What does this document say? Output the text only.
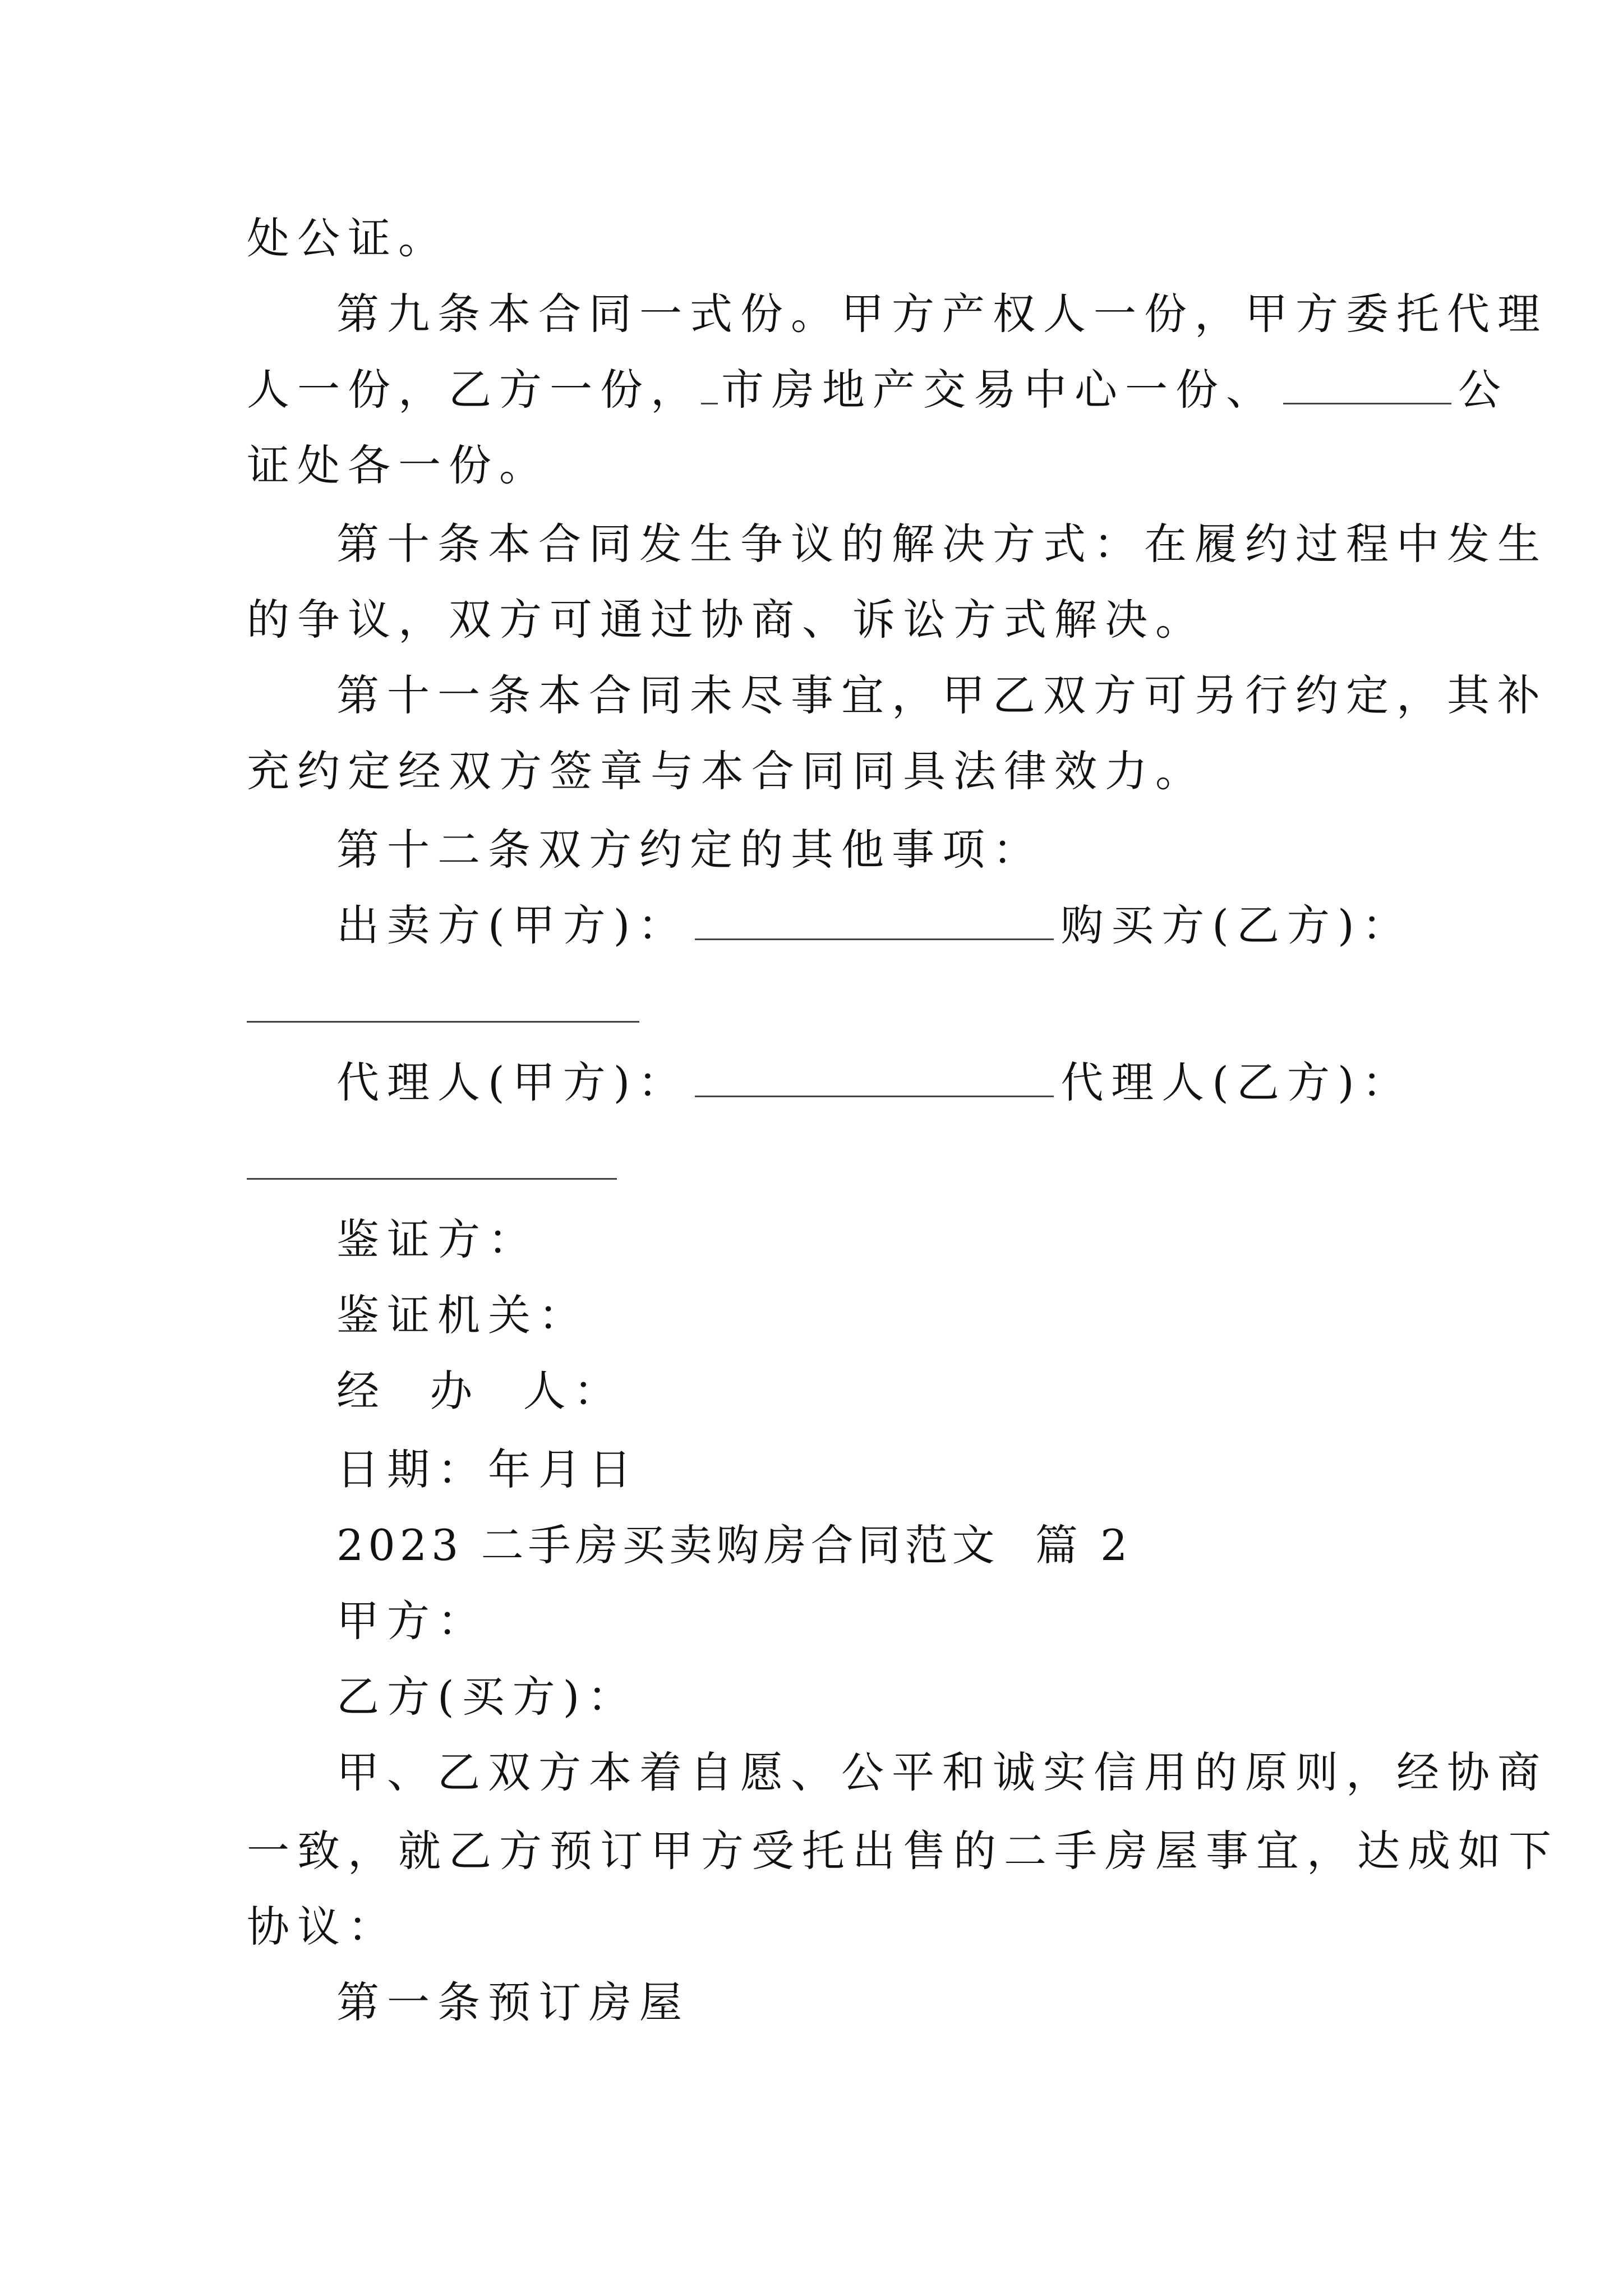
处公证。
第九条本合同一式份。甲方产权人一份，甲方委托代理
人一份，乙方一份， 市房地产交易中心一份、	公
证处各一份。
第十条本合同发生争议的解决方式：在履约过程中发生
的争议，双方可通过协商、诉讼方式解决。
第十一条本合同未尽事宜，甲乙双方可另行约定，其补
充约定经双方签章与本合同同具法律效力。
第十二条双方约定的其他事项：
出卖方(甲方)：	购买方(乙方)：
代理人(甲方)：	代理人(乙方)：
鉴证方：
鉴证机关：
经  办  人：
日期：年月日
2023 二手房买卖购房合同范文  篇 2
甲方：
乙方(买方)：
甲、乙双方本着自愿、公平和诚实信用的原则，经协商
一致，就乙方预订甲方受托出售的二手房屋事宜，达成如下
协议：
第一条预订房屋
